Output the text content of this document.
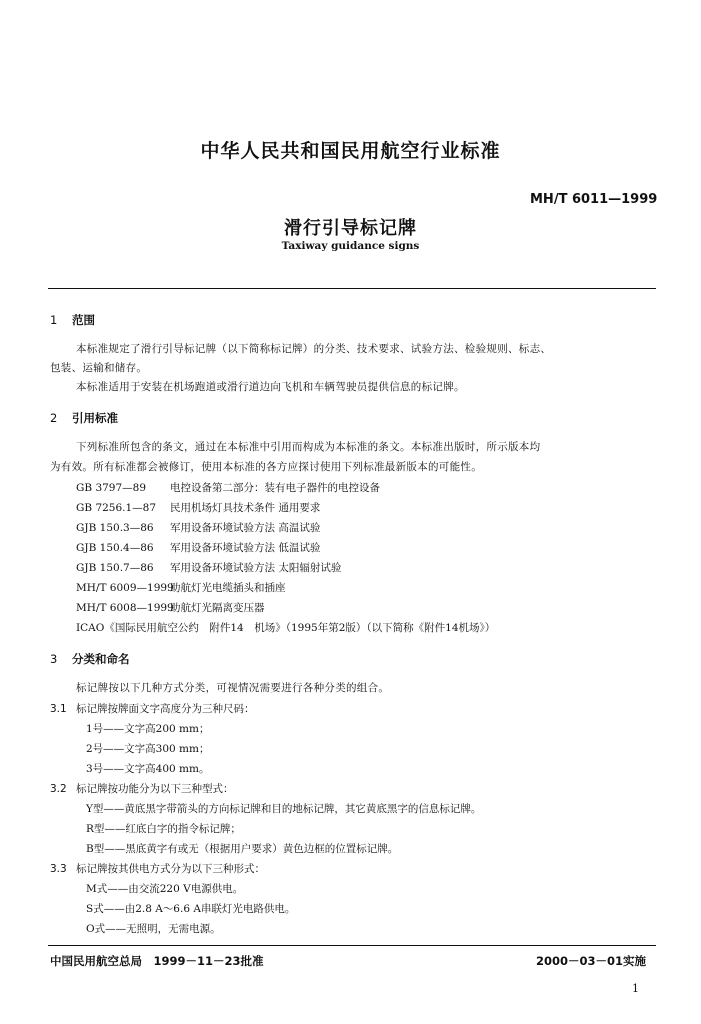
中华人民共和国民用航空行业标准
MH/T 6011—1999
滑行引导标记牌
Taxiway guidance signs
1 范围
本标准规定了滑行引导标记牌（以下简称标记牌）的分类、技术要求、试验方法、检验规则、标志、
包装、运输和储存。
本标准适用于安装在机场跑道或滑行道边向飞机和车辆驾驶员提供信息的标记牌。
2 引用标准
下列标准所包含的条文，通过在本标准中引用而构成为本标准的条文。本标准出版时，所示版本均
为有效。所有标准都会被修订，使用本标准的各方应探讨使用下列标准最新版本的可能性。
GB 3797—89 电控设备第二部分：装有电子器件的电控设备
GB 7256.1—87 民用机场灯具技术条件 通用要求
GJB 150.3—86 军用设备环境试验方法 高温试验
GJB 150.4—86 军用设备环境试验方法 低温试验
GJB 150.7—86 军用设备环境试验方法 太阳辐射试验
MH/T 6009—1999助航灯光电缆插头和插座
MH/T 6008—1999助航灯光隔离变压器
ICAO《国际民用航空公约　附件14　机场》（1995年第2版）（以下简称《附件14机场》）
3 分类和命名
标记牌按以下几种方式分类，可视情况需要进行各种分类的组合。
3.1 标记牌按牌面文字高度分为三种尺码：
1号——文字高200 mm；
2号——文字高300 mm；
3号——文字高400 mm。
3.2 标记牌按功能分为以下三种型式：
Y型——黄底黑字带箭头的方向标记牌和目的地标记牌，其它黄底黑字的信息标记牌。
R型——红底白字的指令标记牌；
B型——黑底黄字有或无（根据用户要求）黄色边框的位置标记牌。
3.3 标记牌按其供电方式分为以下三种形式：
M式——由交流220 V电源供电。
S式——由2.8 A～6.6 A串联灯光电路供电。
O式——无照明，无需电源。
中国民用航空总局　1999－11－23批准	2000－03－01实施
1
